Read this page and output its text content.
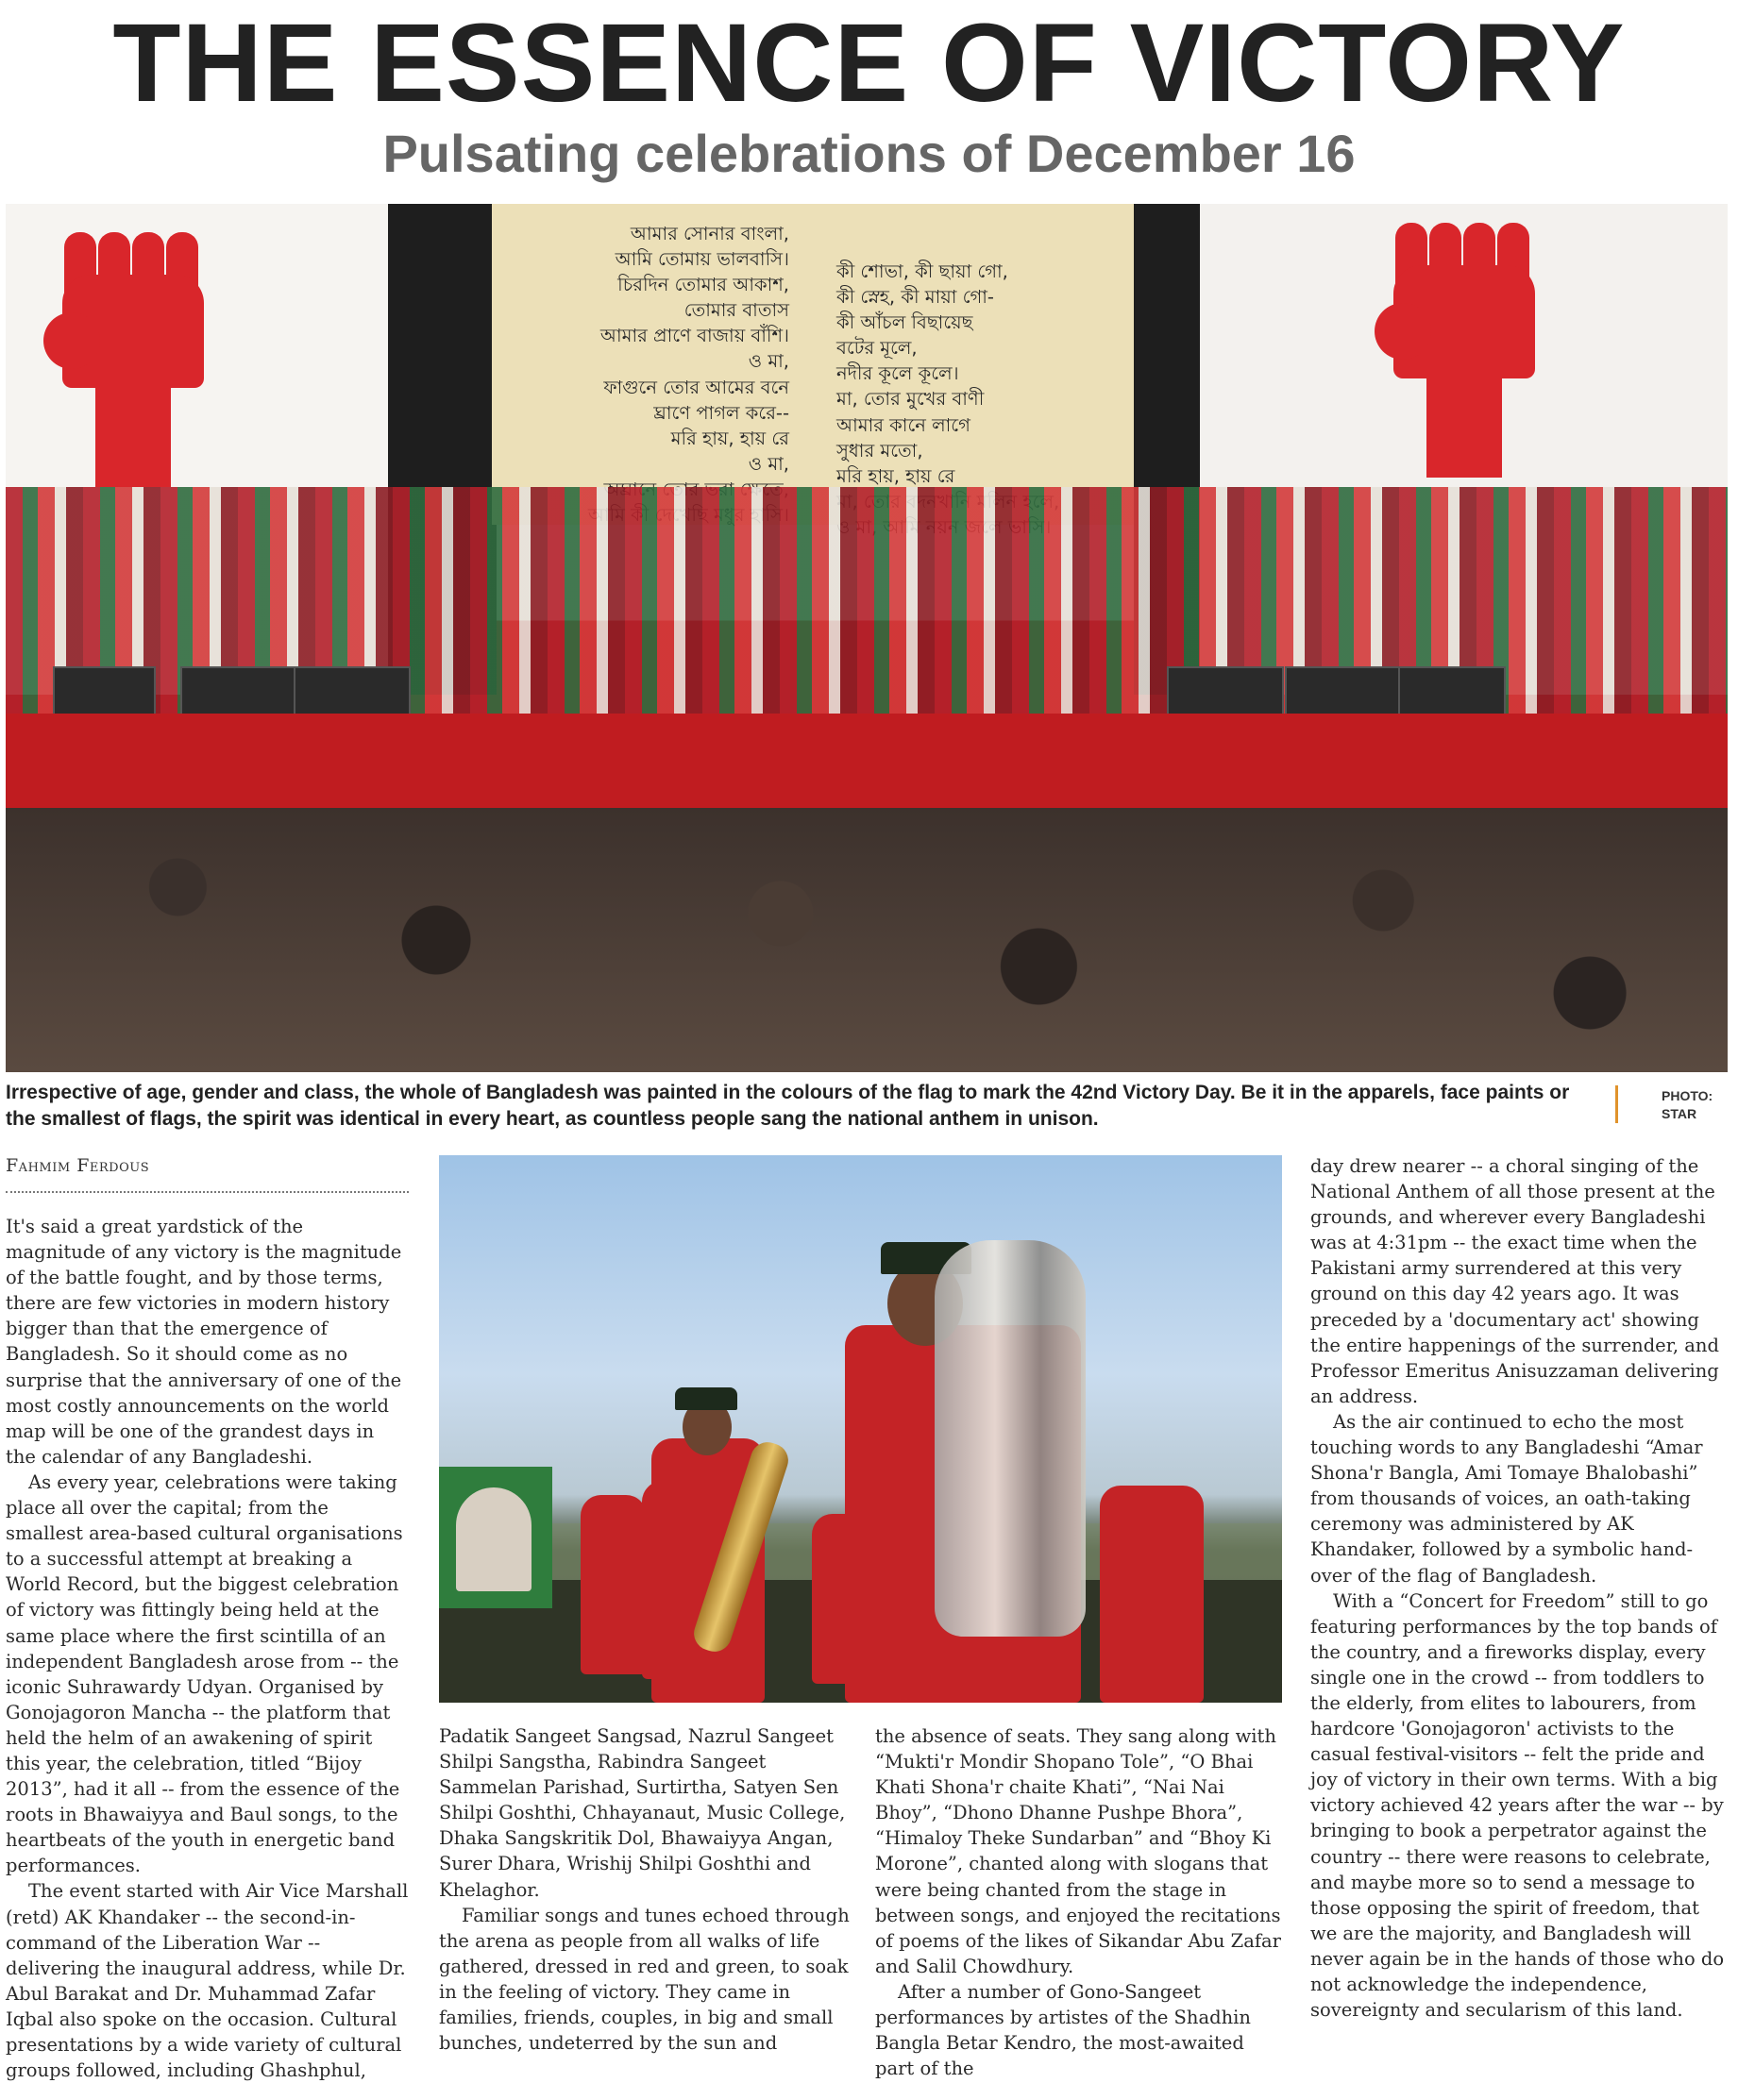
THE ESSENCE OF VICTORY
Pulsating celebrations of December 16
আমার সোনার বাংলা,
আমি তোমায় ভালবাসি।
চিরদিন তোমার আকাশ,
তোমার বাতাস
আমার প্রাণে বাজায় বাঁশি।
ও মা,
ফাগুনে তোর আমের বনে
ঘ্রাণে পাগল করে--
মরি হায়, হায় রে
ও মা,
কী শোভা, কী ছায়া গো,
কী স্নেহ, কী মায়া গো-
কী আঁচল বিছায়েছ
বটের মূলে,
নদীর কূলে কূলে।
মা, তোর মুখের বাণী
আমার কানে লাগে
সুধার মতো,
মরি হায়, হায় রে
Irrespective of age, gender and class, the whole of Bangladesh was painted in the colours of the flag to mark the 42nd Victory Day. Be it in the apparels, face paints or the smallest of flags, the spirit was identical in every heart, as countless people sang the national anthem in unison.
PHOTO:
STAR
Fahmim Ferdous

It's said a great yardstick of the magnitude of any victory is the magnitude of the battle fought, and by those terms, there are few victories in modern history bigger than that the emergence of Bangladesh. So it should come as no surprise that the anniversary of one of the most costly announcements on the world map will be one of the grandest days in the calendar of any Bangladeshi.

As every year, celebrations were taking place all over the capital; from the smallest area-based cultural organisations to a successful attempt at breaking a World Record, but the biggest celebration of victory was fittingly being held at the same place where the first scintilla of an independent Bangladesh arose from -- the iconic Suhrawardy Udyan. Organised by Gonojagoron Mancha -- the platform that held the helm of an awakening of spirit this year, the celebration, titled “Bijoy 2013”, had it all -- from the essence of the roots in Bhawaiyya and Baul songs, to the heartbeats of the youth in energetic band performances.

The event started with Air Vice Marshall (retd) AK Khandaker -- the second-in-command of the Liberation War -- delivering the inaugural address, while Dr. Abul Barakat and Dr. Muhammad Zafar Iqbal also spoke on the occasion. Cultural presentations by a wide variety of cultural groups followed, including Ghashphul,

Padatik Sangeet Sangsad, Nazrul Sangeet Shilpi Sangstha, Rabindra Sangeet Sammelan Parishad, Surtirtha, Satyen Sen Shilpi Goshthi, Chhayanaut, Music College, Dhaka Sangskritik Dol, Bhawaiyya Angan, Surer Dhara, Wrishij Shilpi Goshthi and Khelaghor.

Familiar songs and tunes echoed through the arena as people from all walks of life gathered, dressed in red and green, to soak in the feeling of victory. They came in families, friends, couples, in big and small bunches, undeterred by the sun and

the absence of seats. They sang along with “Mukti'r Mondir Shopano Tole”, “O Bhai Khati Shona'r chaite Khati”, “Nai Nai Bhoy”, “Dhono Dhanne Pushpe Bhora”, “Himaloy Theke Sundarban” and “Bhoy Ki Morone”, chanted along with slogans that were being chanted from the stage in between songs, and enjoyed the recitations of poems of the likes of Sikandar Abu Zafar and Salil Chowdhury.

After a number of Gono-Sangeet performances by artistes of the Shadhin Bangla Betar Kendro, the most-awaited part of the

day drew nearer -- a choral singing of the National Anthem of all those present at the grounds, and wherever every Bangladeshi was at 4:31pm -- the exact time when the Pakistani army surrendered at this very ground on this day 42 years ago. It was preceded by a 'documentary act' showing the entire happenings of the surrender, and Professor Emeritus Anisuzzaman delivering an address.

As the air continued to echo the most touching words to any Bangladeshi “Amar Shona'r Bangla, Ami Tomaye Bhalobashi” from thousands of voices, an oath-taking ceremony was administered by AK Khandaker, followed by a symbolic hand-over of the flag of Bangladesh.

With a “Concert for Freedom” still to go featuring performances by the top bands of the country, and a fireworks display, every single one in the crowd -- from toddlers to the elderly, from elites to labourers, from hardcore 'Gonojagoron' activists to the casual festival-visitors -- felt the pride and joy of victory in their own terms. With a big victory achieved 42 years after the war -- by bringing to book a perpetrator against the country -- there were reasons to celebrate, and maybe more so to send a message to those opposing the spirit of freedom, that we are the majority, and Bangladesh will never again be in the hands of those who do not acknowledge the independence, sovereignty and secularism of this land.
